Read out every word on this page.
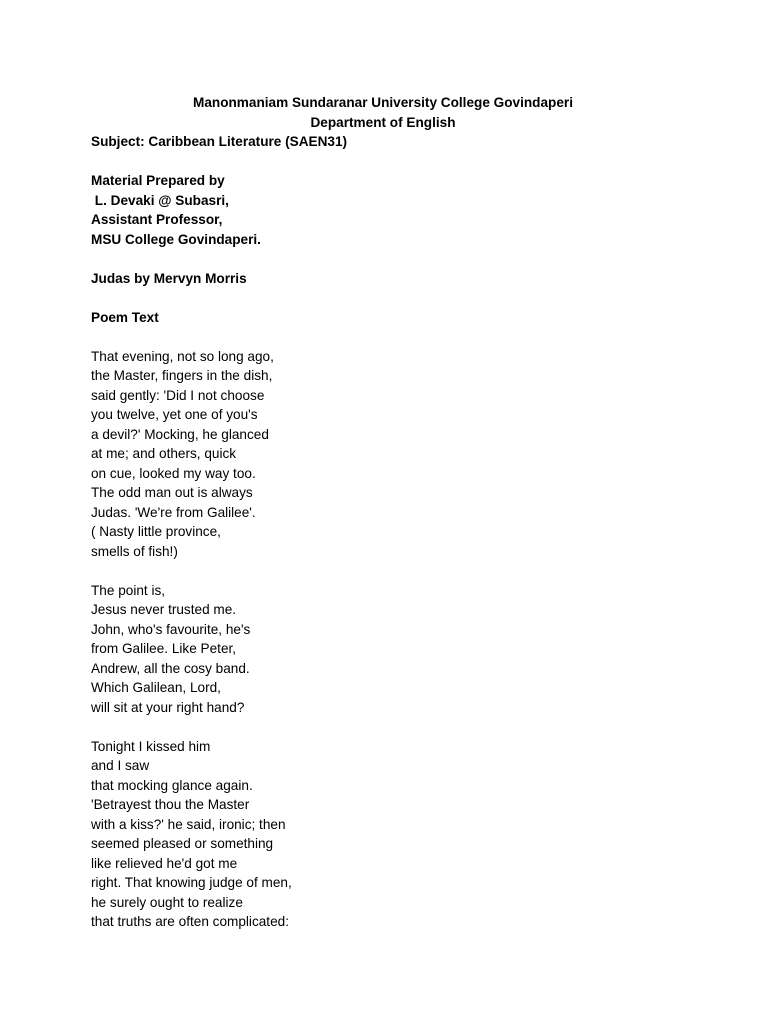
Manonmaniam Sundaranar University College Govindaperi
Department of English
Subject: Caribbean Literature (SAEN31)
Material Prepared by
L. Devaki @ Subasri,
Assistant Professor,
MSU College Govindaperi.
Judas by Mervyn Morris
Poem Text
That evening, not so long ago,
the Master, fingers in the dish,
said gently: 'Did I not choose
you twelve, yet one of you's
a devil?' Mocking, he glanced
at me; and others, quick
on cue, looked my way too.
The odd man out is always
Judas. 'We're from Galilee'.
( Nasty little province,
smells of fish!)
The point is,
Jesus never trusted me.
John, who's favourite, he's
from Galilee. Like Peter,
Andrew, all the cosy band.
Which Galilean, Lord,
will sit at your right hand?
Tonight I kissed him
and I saw
that mocking glance again.
'Betrayest thou the Master
with a kiss?' he said, ironic; then
seemed pleased or something
like relieved he'd got me
right. That knowing judge of men,
he surely ought to realize
that truths are often complicated:
